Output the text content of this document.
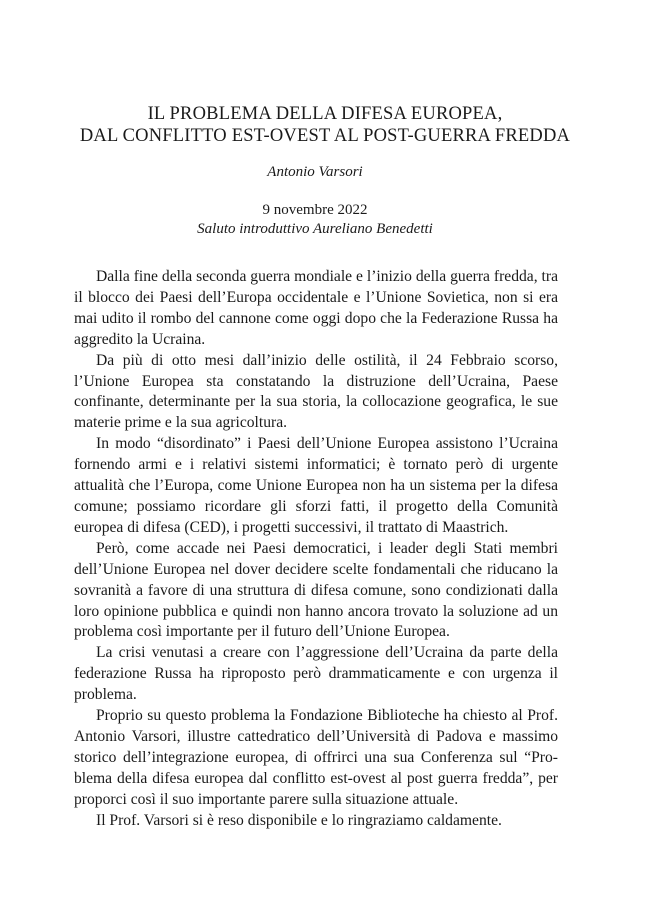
IL PROBLEMA DELLA DIFESA EUROPEA,
DAL CONFLITTO EST-OVEST AL POST-GUERRA FREDDA
Antonio Varsori
9 novembre 2022
Saluto introduttivo Aureliano Benedetti

Dalla fine della seconda guerra mondiale e l’inizio della guerra fredda, tra il blocco dei Paesi dell’Europa occidentale e l’Unione Sovietica, non si era mai udito il rombo del cannone come oggi dopo che la Federazione Russa ha aggredito la Ucraina.

Da più di otto mesi dall’inizio delle ostilità, il 24 Febbraio scorso, l’Unione Europea sta constatando la distruzione dell’Ucraina, Paese confinante, determinante per la sua storia, la collocazione geografica, le sue materie prime e la sua agricoltura.

In modo “disordinato” i Paesi dell’Unione Europea assistono l’Ucraina fornendo armi e i relativi sistemi informatici; è tornato però di urgente attualità che l’Europa, come Unione Europea non ha un sistema per la difesa comune; possiamo ricordare gli sforzi fatti, il progetto della Comunità europea di difesa (CED), i progetti successivi, il trattato di Maastrich.

Però, come accade nei Paesi democratici, i leader degli Stati membri dell’Unione Europea nel dover decidere scelte fondamentali che riducano la sovranità a favore di una struttura di difesa comune, sono condizionati dalla loro opinione pubblica e quindi non hanno ancora trovato la soluzione ad un problema così importante per il futuro dell’Unione Europea.

La crisi venutasi a creare con l’aggressione dell’Ucraina da parte della federazione Russa ha riproposto però drammaticamente e con urgenza il problema.

Proprio su questo problema la Fondazione Biblioteche ha chiesto al Prof. Antonio Varsori, illustre cattedratico dell’Università di Padova e massimo storico dell’integrazione europea, di offrirci una sua Conferenza sul “Problema della difesa europea dal conflitto est-ovest al post guerra fredda”, per proporci così il suo importante parere sulla situazione attuale.

Il Prof. Varsori si è reso disponibile e lo ringraziamo caldamente.
